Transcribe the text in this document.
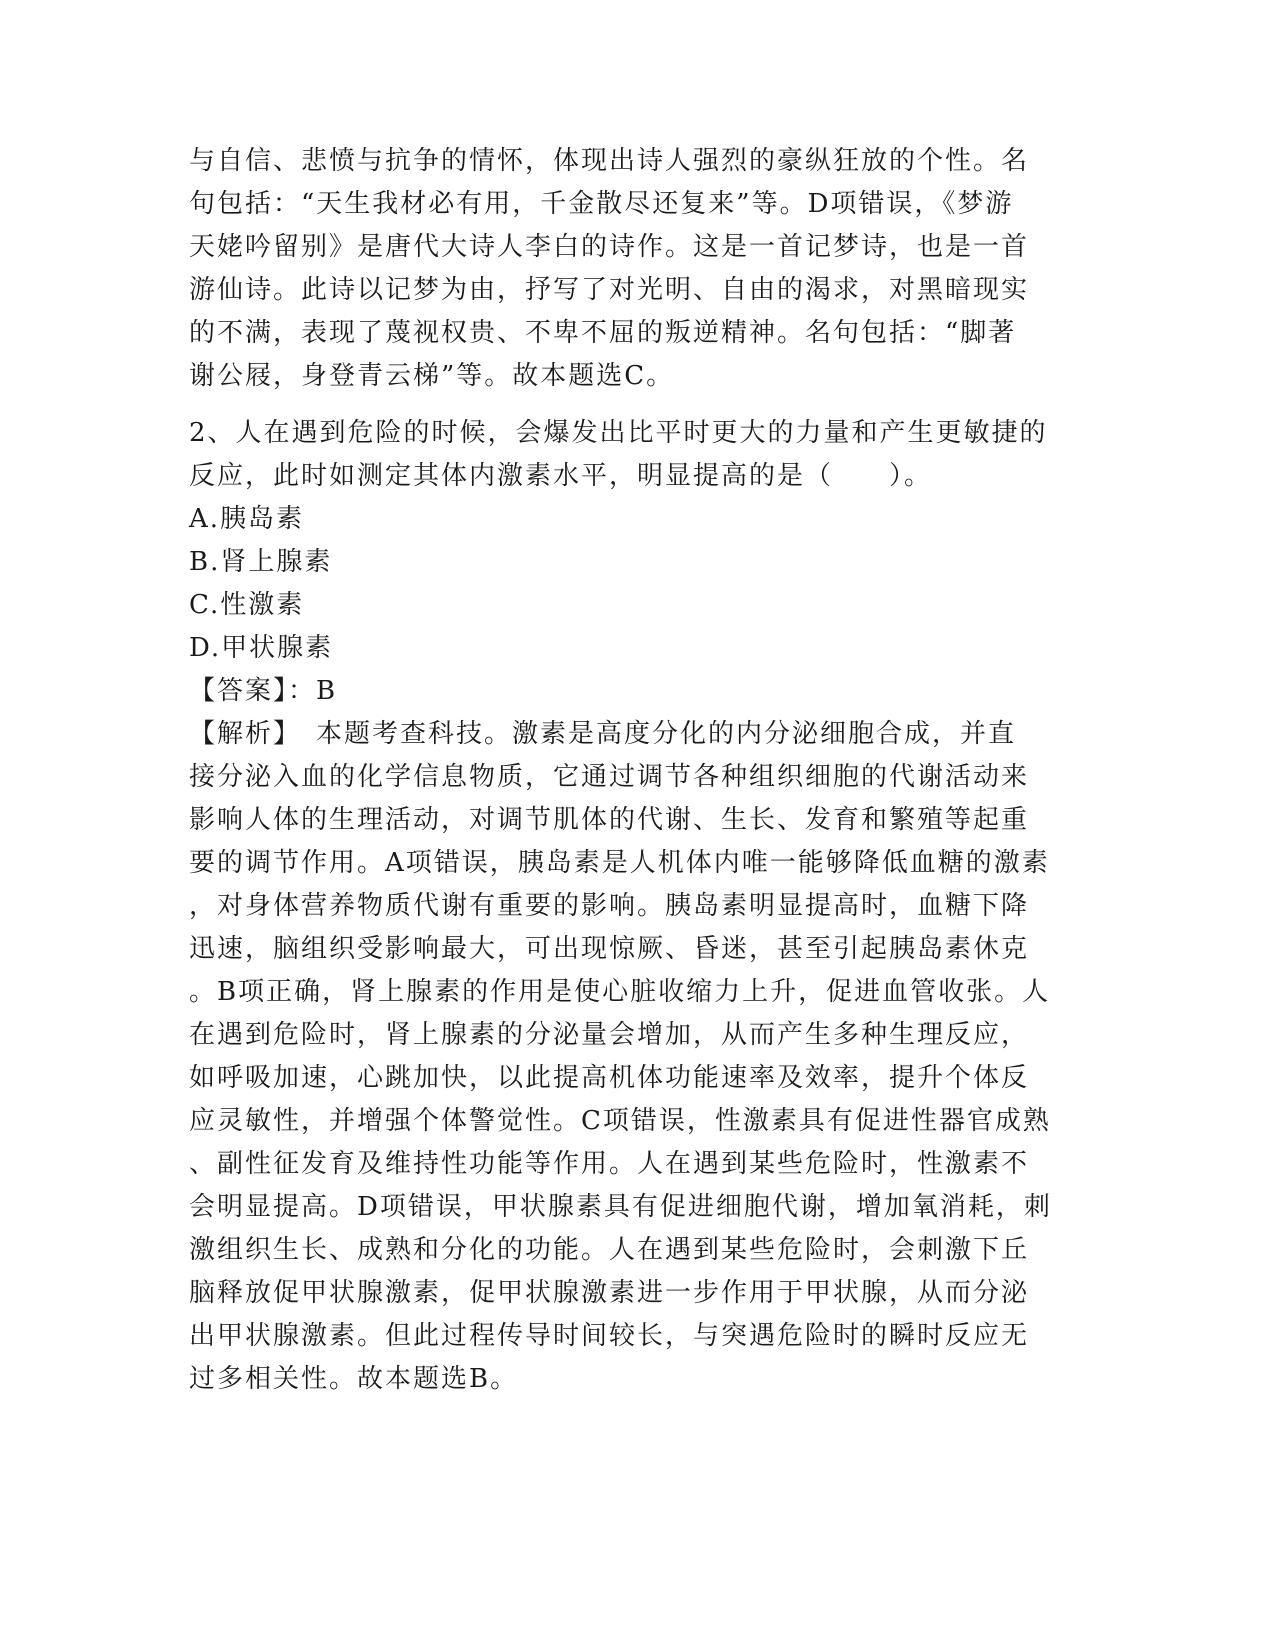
与自信、悲愤与抗争的情怀，体现出诗人强烈的豪纵狂放的个性。名
句包括：“天生我材必有用，千金散尽还复来”等。D项错误，《梦游
天姥吟留别》是唐代大诗人李白的诗作。这是一首记梦诗，也是一首
游仙诗。此诗以记梦为由，抒写了对光明、自由的渴求，对黑暗现实
的不满，表现了蔑视权贵、不卑不屈的叛逆精神。名句包括：“脚著
谢公屐，身登青云梯”等。故本题选C。
2、人在遇到危险的时候，会爆发出比平时更大的力量和产生更敏捷的
反应，此时如测定其体内激素水平，明显提高的是（　　）。
A.胰岛素
B.肾上腺素
C.性激素
D.甲状腺素
【答案】：B
【解析】　本题考查科技。激素是高度分化的内分泌细胞合成，并直
接分泌入血的化学信息物质，它通过调节各种组织细胞的代谢活动来
影响人体的生理活动，对调节肌体的代谢、生长、发育和繁殖等起重
要的调节作用。A项错误，胰岛素是人机体内唯一能够降低血糖的激素
，对身体营养物质代谢有重要的影响。胰岛素明显提高时，血糖下降
迅速，脑组织受影响最大，可出现惊厥、昏迷，甚至引起胰岛素休克
。B项正确，肾上腺素的作用是使心脏收缩力上升，促进血管收张。人
在遇到危险时，肾上腺素的分泌量会增加，从而产生多种生理反应，
如呼吸加速，心跳加快，以此提高机体功能速率及效率，提升个体反
应灵敏性，并增强个体警觉性。C项错误，性激素具有促进性器官成熟
、副性征发育及维持性功能等作用。人在遇到某些危险时，性激素不
会明显提高。D项错误，甲状腺素具有促进细胞代谢，增加氧消耗，刺
激组织生长、成熟和分化的功能。人在遇到某些危险时，会刺激下丘
脑释放促甲状腺激素，促甲状腺激素进一步作用于甲状腺，从而分泌
出甲状腺激素。但此过程传导时间较长，与突遇危险时的瞬时反应无
过多相关性。故本题选B。
